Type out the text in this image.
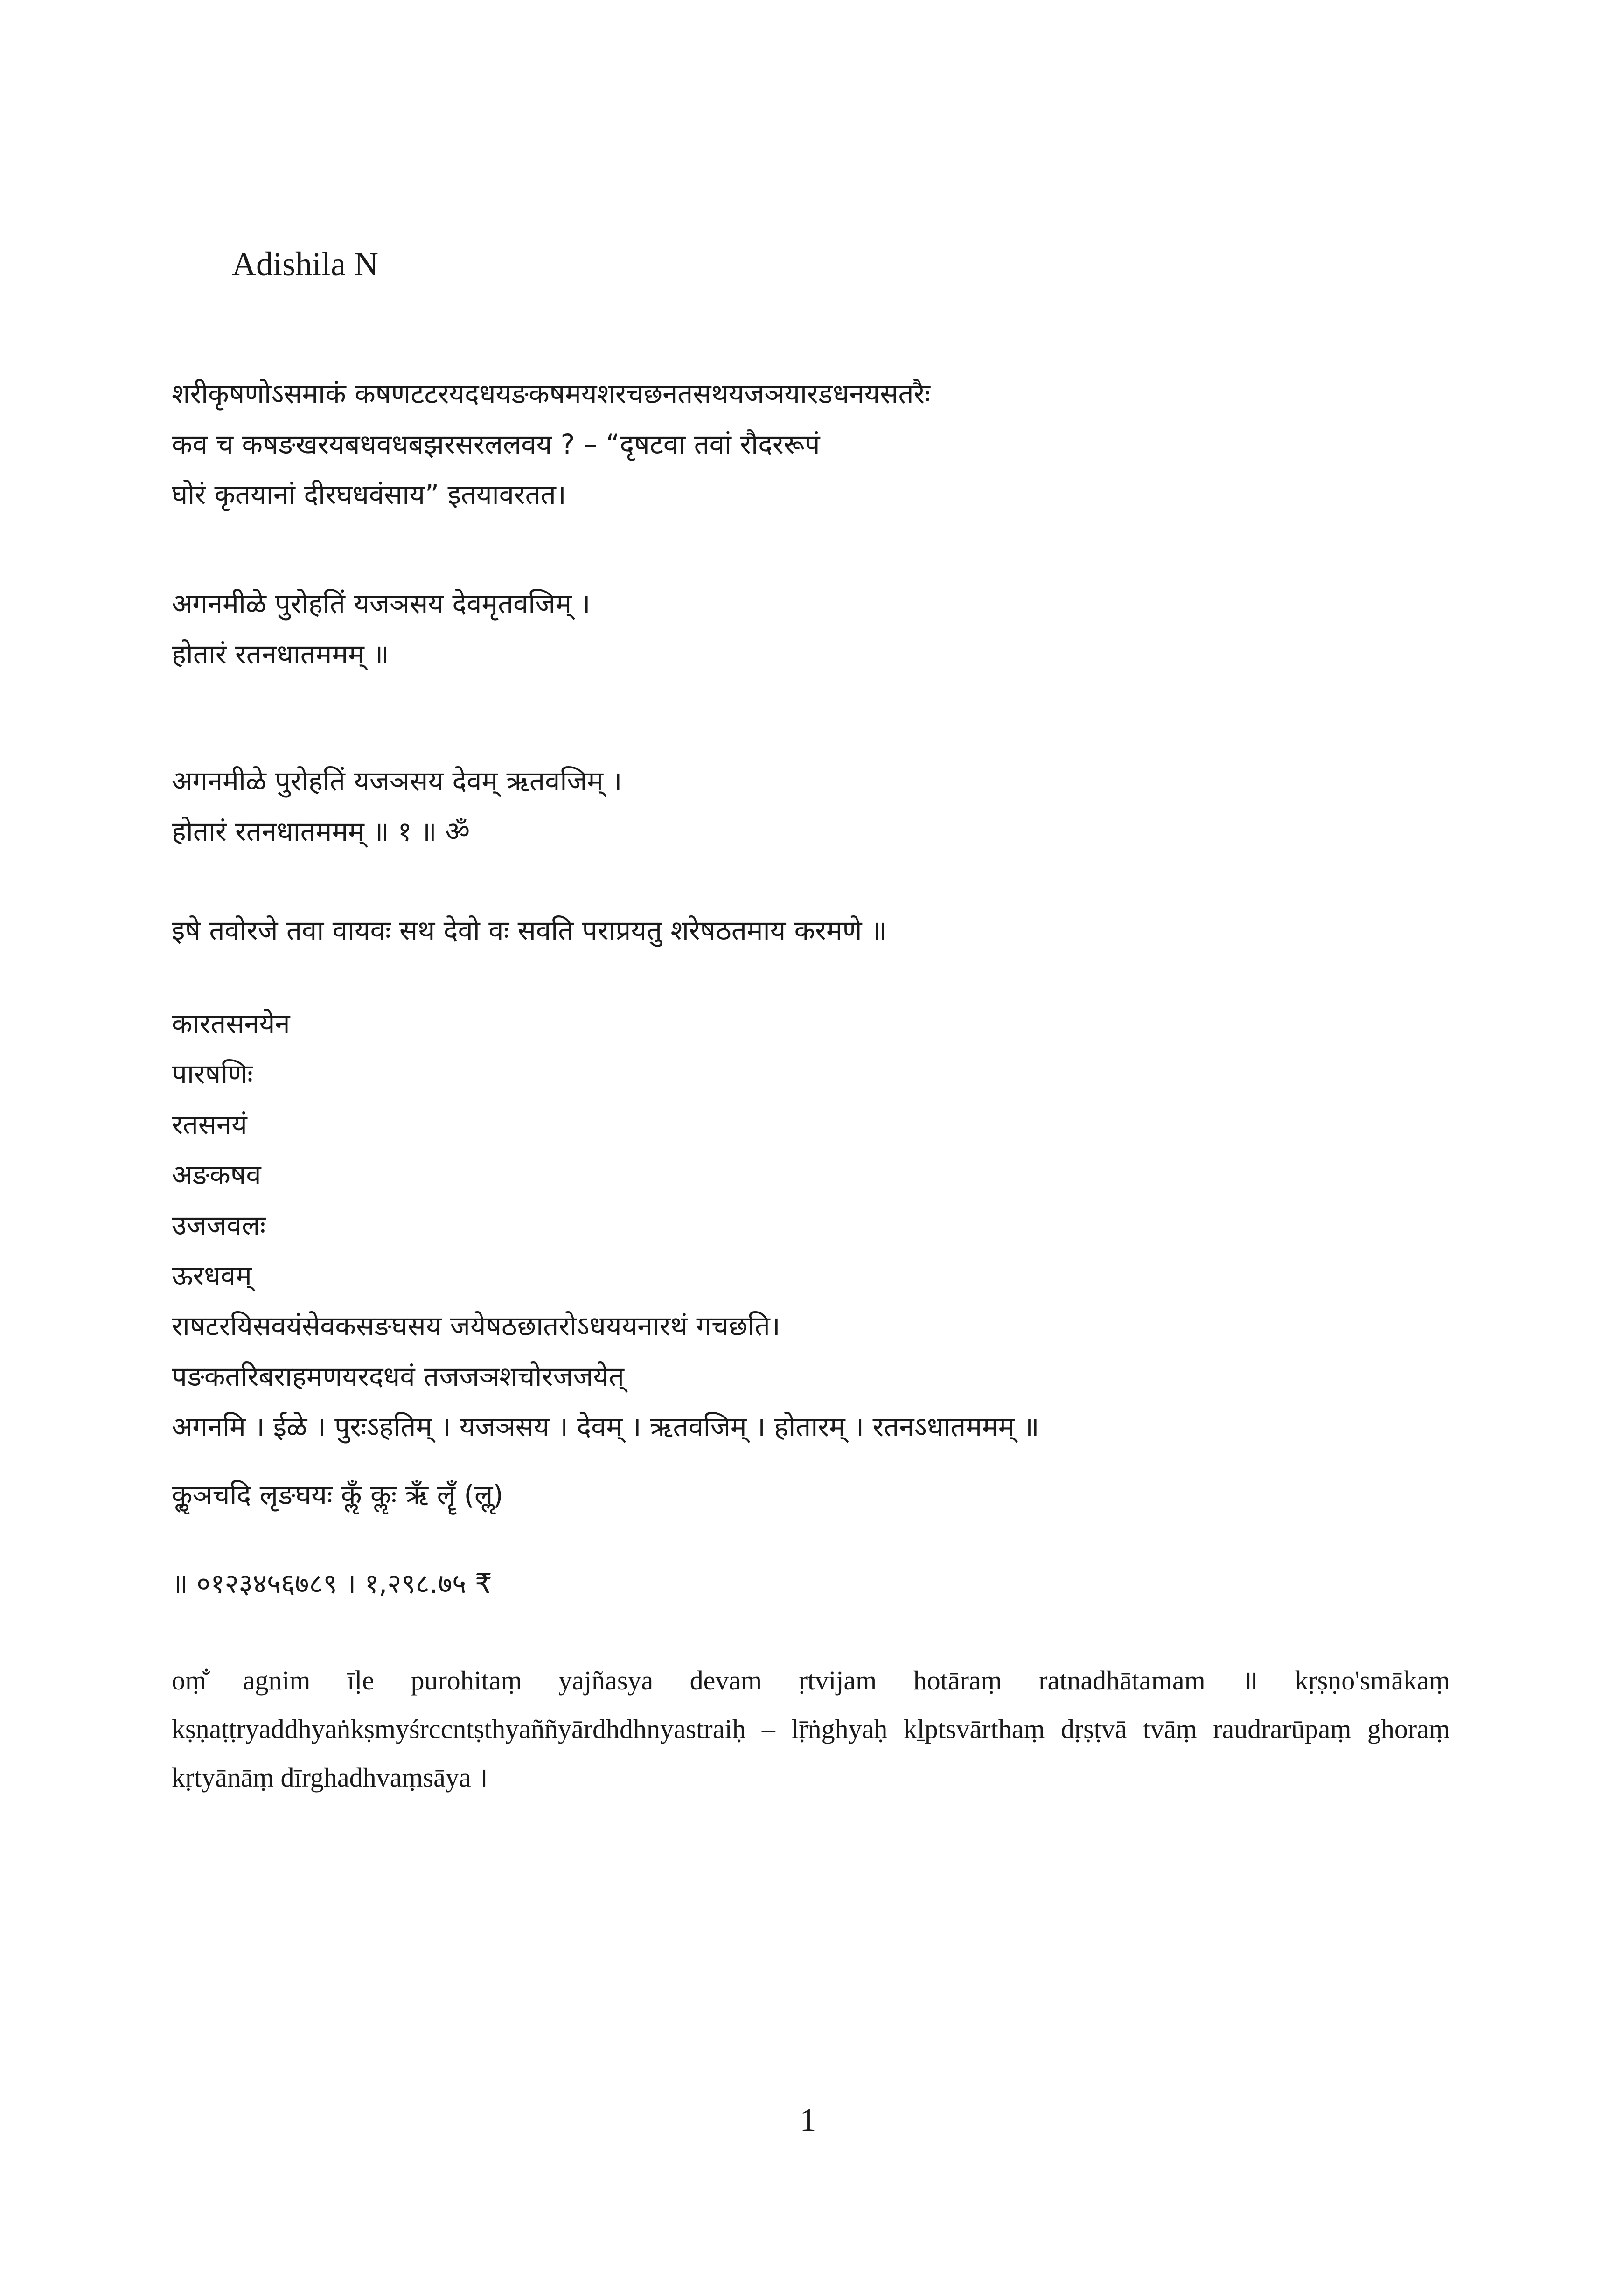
Adishila N
शरीकृषणोऽसमाकं कषणटटरयदधयङकषमयशरचछनतसथयजञयारडधनयसतरैः
कव च कषङखरयबधवधबझरसरललवय ? – “दृषटवा तवां रौदररूपं
घोरं कृतयानां दीरघधवंसाय” इतयावरतत।
अगनमीळे पुरोहतिं यजञसय देवमृतवजिम् ।
होतारं रतनधातममम् ॥
अगनमीळे पुरोहतिं यजञसय देवम् ऋतवजिम् ।
होतारं रतनधातममम् ॥ १ ॥ ॐ
इषे तवोरजे तवा वायवः सथ देवो वः सवति पराप्रयतु शरेषठतमाय करमणे ॥
कारतसनयेन
पारषणिः
रतसनयं
अङकषव
उजजवलः
ऊरधवम्
राषटरयिसवयंसेवकसङघसय जयेषठछातरोऽधययनारथं गचछति।
पङकतरिबराहमणयरदधवं तजजञशचोरजजयेत्
अगनमि । ईळे । पुरःऽहतिम् । यजञसय । देवम् । ऋतवजिम् । होतारम् । रतनऽधातममम् ॥
कॢृञचदि लृङघयः कॢँ कॢः ऋँ लॄँ (लॢ)
॥ ०१२३४५६७८९ । १,२९८.७५ ₹

oṃ̐ agnim īḷe purohitaṃ yajñasya devam ṛtvijam hotāraṃ ratnadhātamam ॥ kṛṣṇo'smākaṃ kṣṇaṭṭryaddhyaṅkṣmyśrccntṣthyaññyārdhdhnyastraiḥ – lṝṅghyaḥ kḻptsvārthaṃ dṛṣṭvā tvāṃ raudrarūpaṃ ghoraṃ kṛtyānāṃ dīrghadhvaṃsāya ।

1
